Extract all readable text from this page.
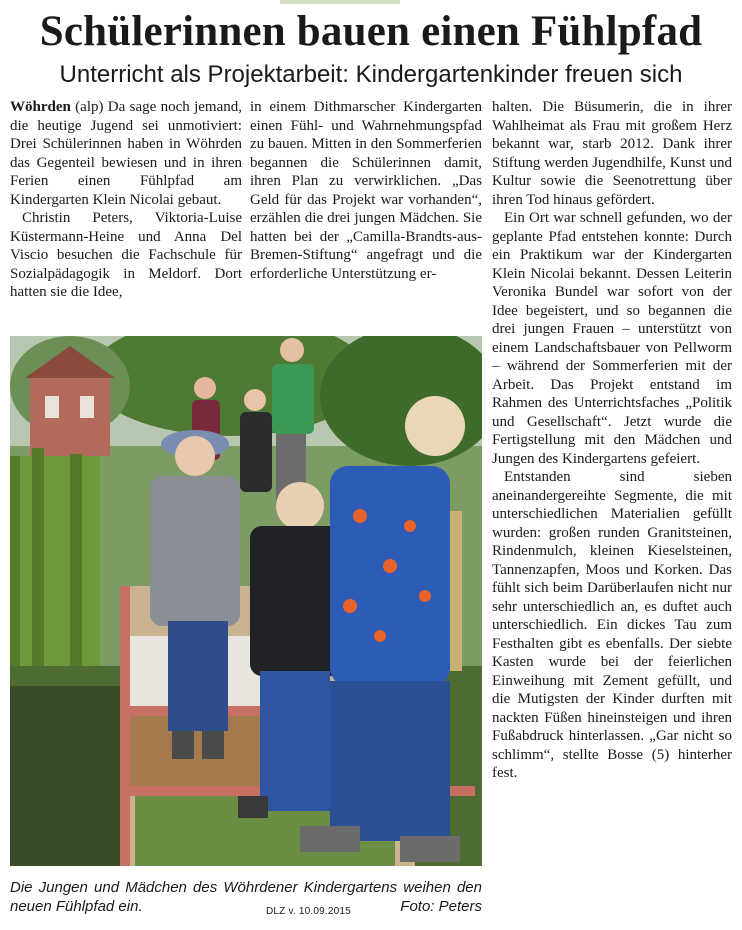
Schülerinnen bauen einen Fühlpfad
Unterricht als Projektarbeit: Kindergartenkinder freuen sich

Wöhrden (alp) Da sage noch jemand, die heutige Jugend sei unmotiviert: Drei Schülerinnen haben in Wöhrden das Gegenteil bewiesen und in ihren Ferien einen Fühlpfad am Kindergarten Klein Nicolai gebaut.

Christin Peters, Viktoria-Luise Küstermann-Heine und Anna Del Viscio besuchen die Fachschule für Sozialpädagogik in Meldorf. Dort hatten sie die Idee,

in einem Dithmarscher Kindergarten einen Fühl- und Wahrnehmungspfad zu bauen. Mitten in den Sommerferien begannen die Schülerinnen damit, ihren Plan zu verwirklichen. „Das Geld für das Projekt war vorhanden“, erzählen die drei jungen Mädchen. Sie hatten bei der „Camilla-Brandts-aus-Bremen-Stiftung“ angefragt und die erforderliche Unterstützung er-

halten. Die Büsumerin, die in ihrer Wahlheimat als Frau mit großem Herz bekannt war, starb 2012. Dank ihrer Stiftung werden Jugendhilfe, Kunst und Kultur sowie die Seenotrettung über ihren Tod hinaus gefördert.

Ein Ort war schnell gefunden, wo der geplante Pfad entstehen konnte: Durch ein Praktikum war der Kindergarten Klein Nicolai bekannt. Dessen Leiterin Veronika Bundel war sofort von der Idee begeistert, und so begannen die drei jungen Frauen – unterstützt von einem Landschaftsbauer von Pellworm – während der Sommerferien mit der Arbeit. Das Projekt entstand im Rahmen des Unterrichtsfaches „Politik und Gesellschaft“. Jetzt wurde die Fertigstellung mit den Mädchen und Jungen des Kindergartens gefeiert.

Entstanden sind sieben aneinandergereihte Segmente, die mit unterschiedlichen Materialien gefüllt wurden: großen runden Granitsteinen, Rindenmulch, kleinen Kieselsteinen, Tannenzapfen, Moos und Korken. Das fühlt sich beim Darüberlaufen nicht nur sehr unterschiedlich an, es duftet auch unterschiedlich. Ein dickes Tau zum Festhalten gibt es ebenfalls. Der siebte Kasten wurde bei der feierlichen Einweihung mit Zement gefüllt, und die Mutigsten der Kinder durften mit nackten Füßen hineinsteigen und ihren Fußabdruck hinterlassen. „Gar nicht so schlimm“, stellte Bosse (5) hinterher fest.

Die Jungen und Mädchen des Wöhrdener Kindergartens weihen den neuen Fühlpfad ein.	Foto: Peters
DLZ v. 10.09.2015
